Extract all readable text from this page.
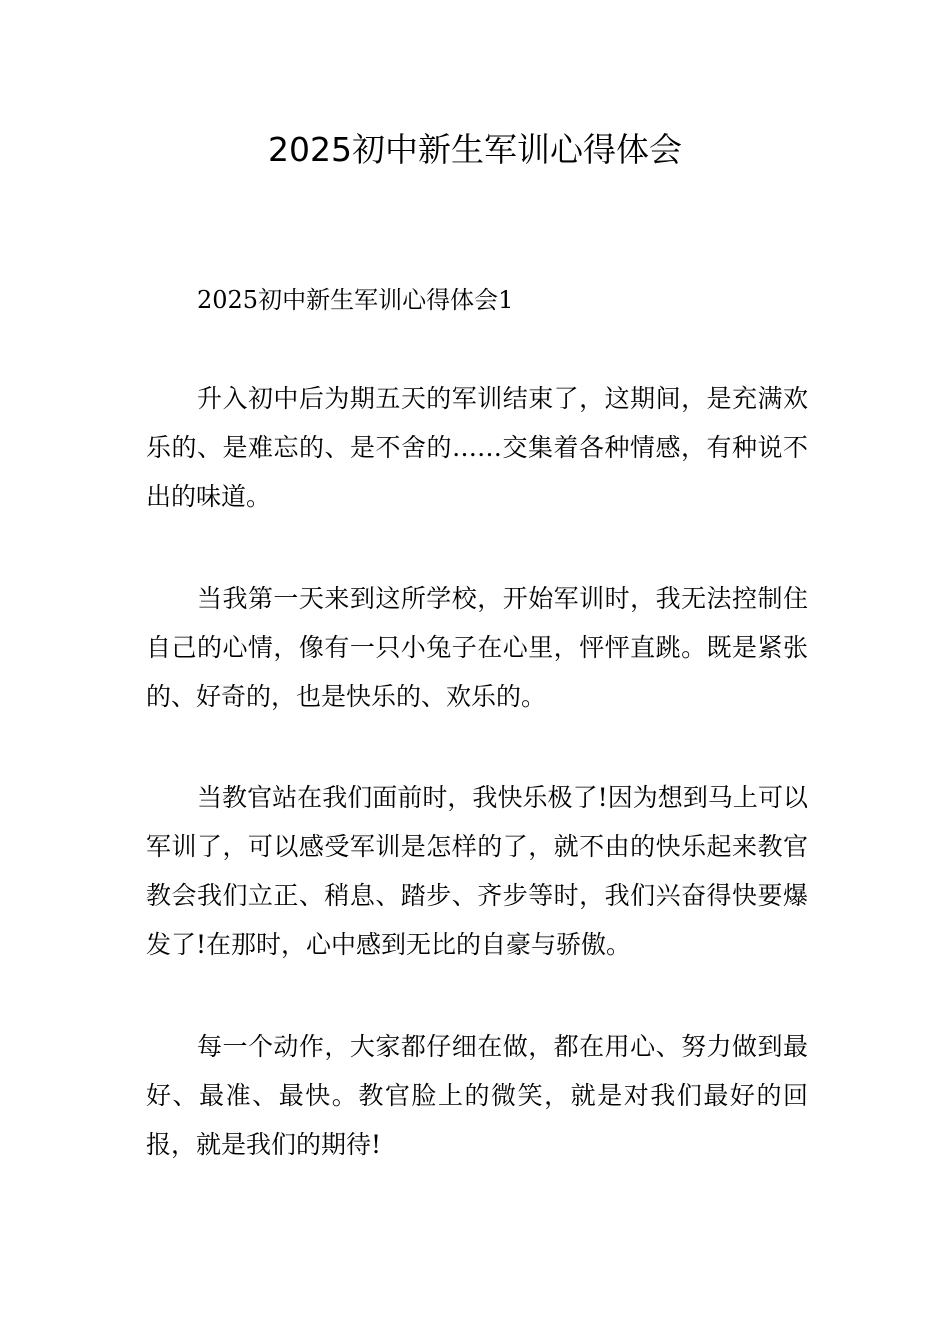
2025初中新生军训心得体会
2025初中新生军训心得体会1

升入初中后为期五天的军训结束了，这期间，是充满欢乐的、是难忘的、是不舍的……交集着各种情感，有种说不出的味道。

当我第一天来到这所学校，开始军训时，我无法控制住自己的心情，像有一只小兔子在心里，怦怦直跳。既是紧张的、好奇的，也是快乐的、欢乐的。

当教官站在我们面前时，我快乐极了!因为想到马上可以军训了，可以感受军训是怎样的了，就不由的快乐起来教官教会我们立正、稍息、踏步、齐步等时，我们兴奋得快要爆发了!在那时，心中感到无比的自豪与骄傲。

每一个动作，大家都仔细在做，都在用心、努力做到最好、最准、最快。教官脸上的微笑，就是对我们最好的回报，就是我们的期待!
